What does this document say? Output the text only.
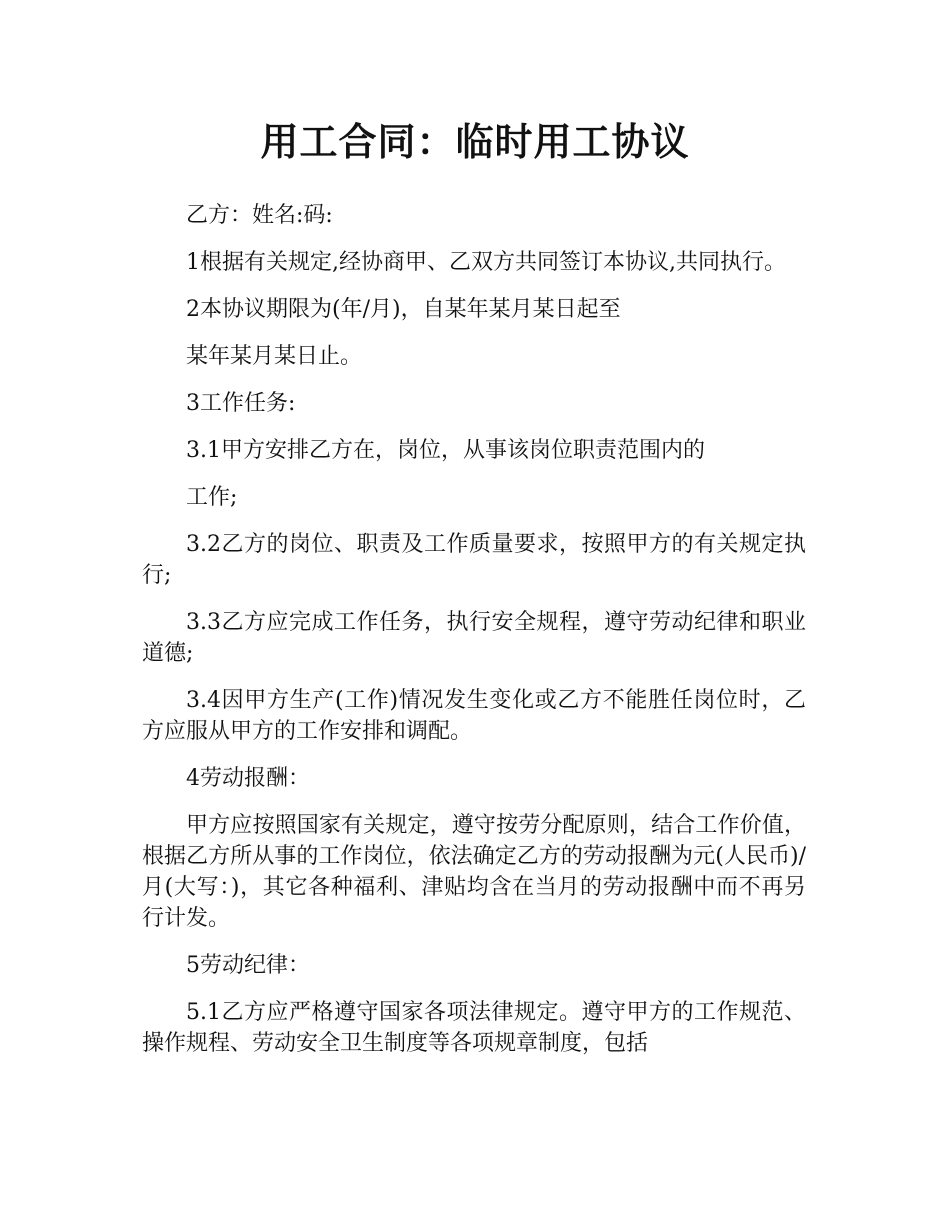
用工合同：临时用工协议

乙方：姓名:码:

1根据有关规定,经协商甲、乙双方共同签订本协议,共同执行。

2本协议期限为(年/月)，自某年某月某日起至

某年某月某日止。

3工作任务:

3.1甲方安排乙方在，岗位，从事该岗位职责范围内的

工作;

3.2乙方的岗位、职责及工作质量要求，按照甲方的有关规定执行;

3.3乙方应完成工作任务，执行安全规程，遵守劳动纪律和职业道德;

3.4因甲方生产(工作)情况发生变化或乙方不能胜任岗位时，乙方应服从甲方的工作安排和调配。

4劳动报酬：

甲方应按照国家有关规定，遵守按劳分配原则，结合工作价值，根据乙方所从事的工作岗位，依法确定乙方的劳动报酬为元(人民币)/月(大写：)，其它各种福利、津贴均含在当月的劳动报酬中而不再另行计发。

5劳动纪律：

5.1乙方应严格遵守国家各项法律规定。遵守甲方的工作规范、操作规程、劳动安全卫生制度等各项规章制度，包括
